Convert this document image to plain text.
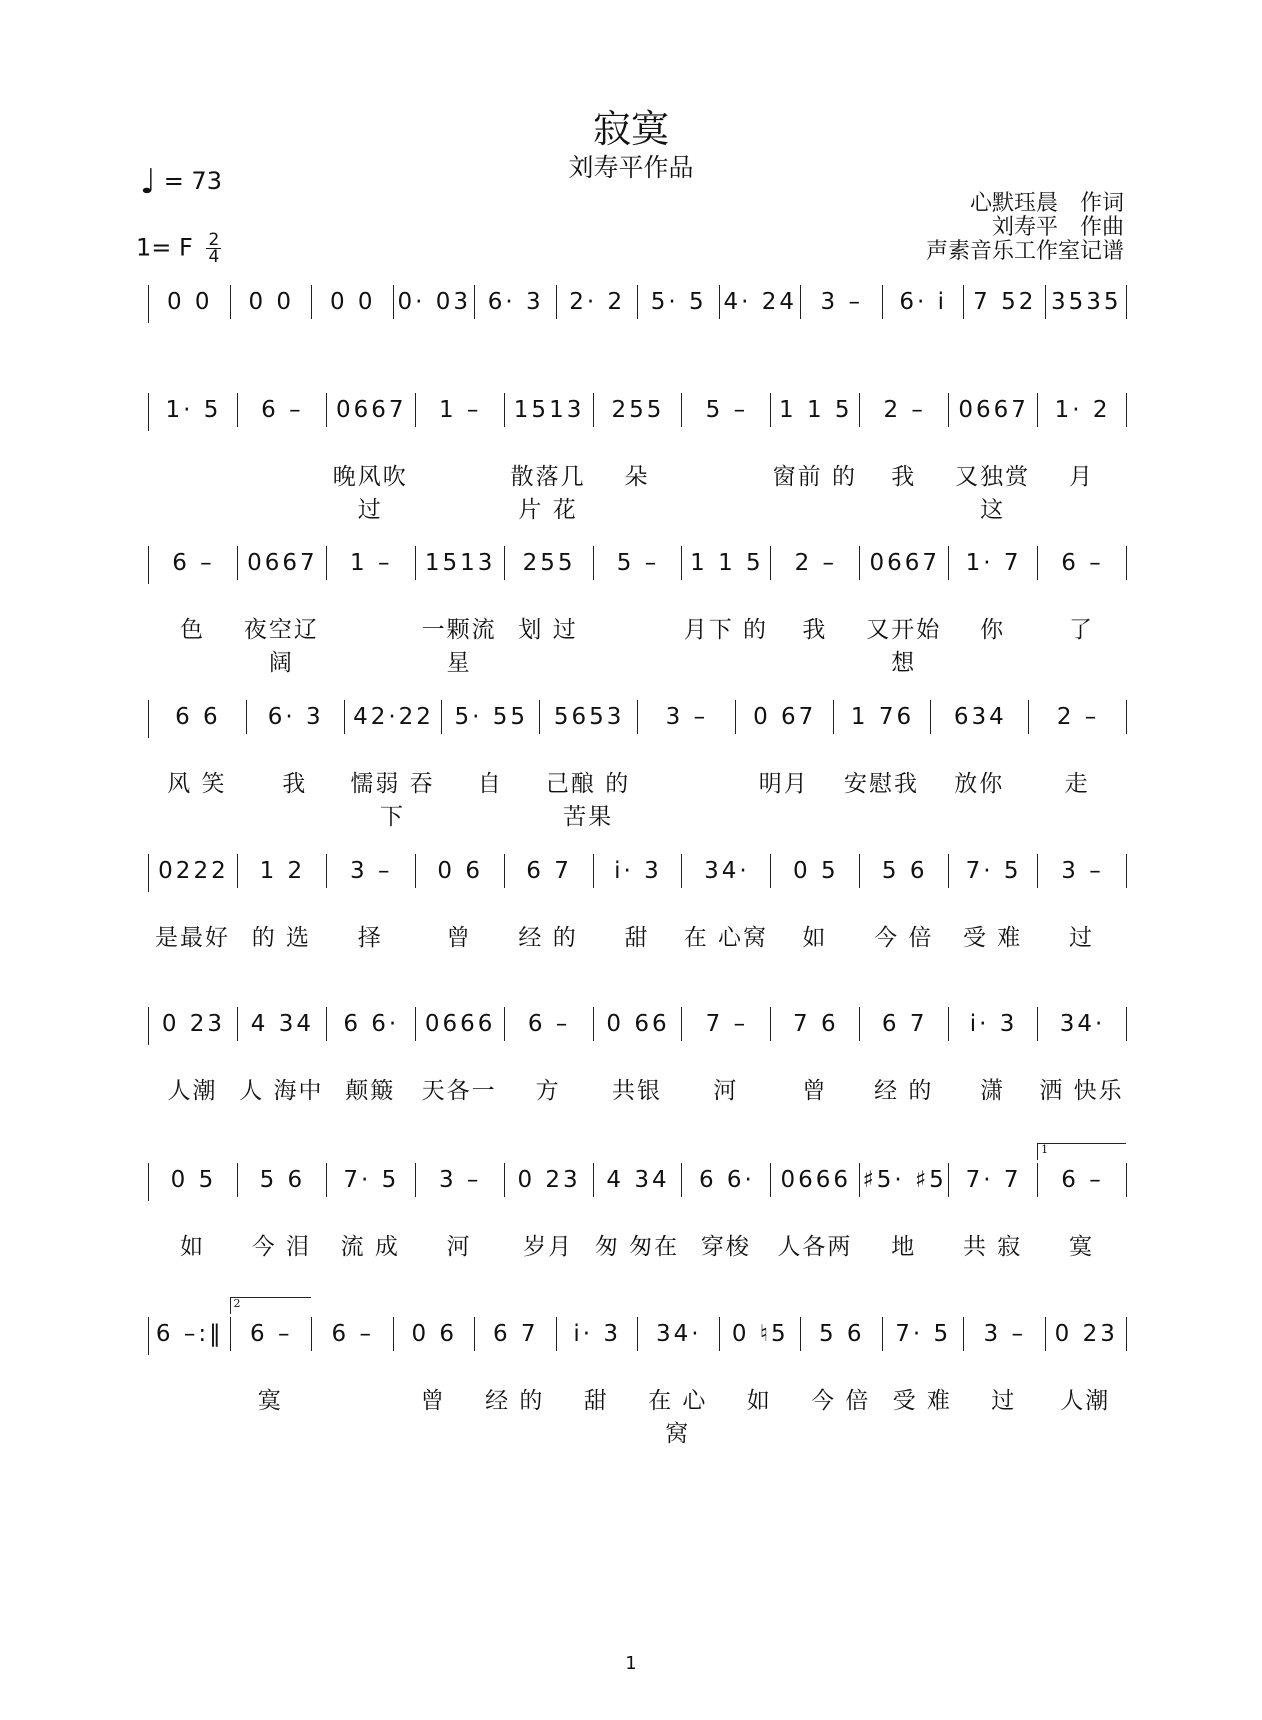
寂寞
刘寿平作品
♩ = 73
1= F $\frac{2}{4}$
心默珏晨　作词
刘寿平　作曲
声素音乐工作室记谱
0 0	0 0	0 0 0· 03 6· 3	2· 2	5· 5 4· 24	3 –	6· i	7 52 3535
1· 5	6 –	0667	1 –	1513	255	5 –	1 1 5	2 –	0667	1· 2
晚风吹 过
散落几片 花
朵	窗前 的	我	又独赏 这
月
6 –	0667	1 –	1513	255	5 –	1 1 5	2 –	0667	1· 7	6 –
色	夜空辽 阔
一颗流星
划 过	月下 的	我	又开始 想
你	了
6 6	6· 3	42·22 5· 55	5653	3 –	0 67	1 76	634	2 –
风 笑	我	懦弱 吞下
自	己酿 的 苦果
明月	安慰我	放你	走
0222	1 2	3 –	0 6	6 7	i· 3	34·	0 5	5 6	7· 5	3 –
是最好 的 选	择	曾	经 的	甜	在 心窝	如	今 倍	受 难	过
0 23	4 34	6 6·	0666	6 –	0 66	7 –	7 6	6 7	i· 3	34·
人潮 人 海中 颠簸	天各一	方	共银	河	曾	经 的	潇	洒 快乐
0 5	5 6	7· 5	3 –	0 23	4 34	6 6·	0666 ♯5· ♯5 7· 7	6 –
如	今 泪	流 成	河	岁月 匆 匆在 穿梭	人各两	地	共 寂	寞
1
6 –:‖	6 –	6 –	0 6	6 7	i· 3	34·	0 ♮5	5 6	7· 5	3 –	0 23
寞	曾	经 的	甜	在 心窝
如	今 倍 受 难	过	人潮
2
1
